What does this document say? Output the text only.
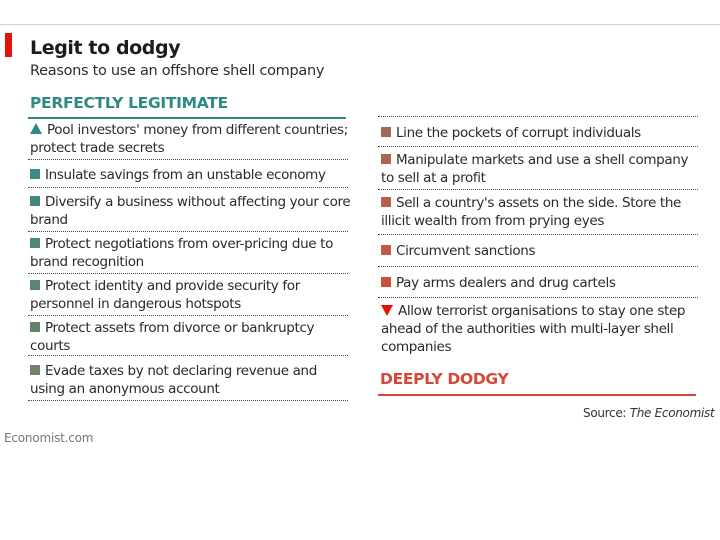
Legit to dodgy
Reasons to use an offshore shell company
PERFECTLY LEGITIMATE
Pool investors' money from different countries; protect trade secrets
Insulate savings from an unstable economy
Diversify a business without affecting your core brand
Protect negotiations from over-pricing due to brand recognition
Protect identity and provide security for personnel in dangerous hotspots
Protect assets from divorce or bankruptcy courts
Evade taxes by not declaring revenue and using an anonymous account
Line the pockets of corrupt individuals
Manipulate markets and use a shell company to sell at a profit
Sell a country's assets on the side. Store the illicit wealth from from prying eyes
Circumvent sanctions
Pay arms dealers and drug cartels
Allow terrorist organisations to stay one step ahead of the authorities with multi-layer shell companies
DEEPLY DODGY
Source: The Economist
Economist.com
